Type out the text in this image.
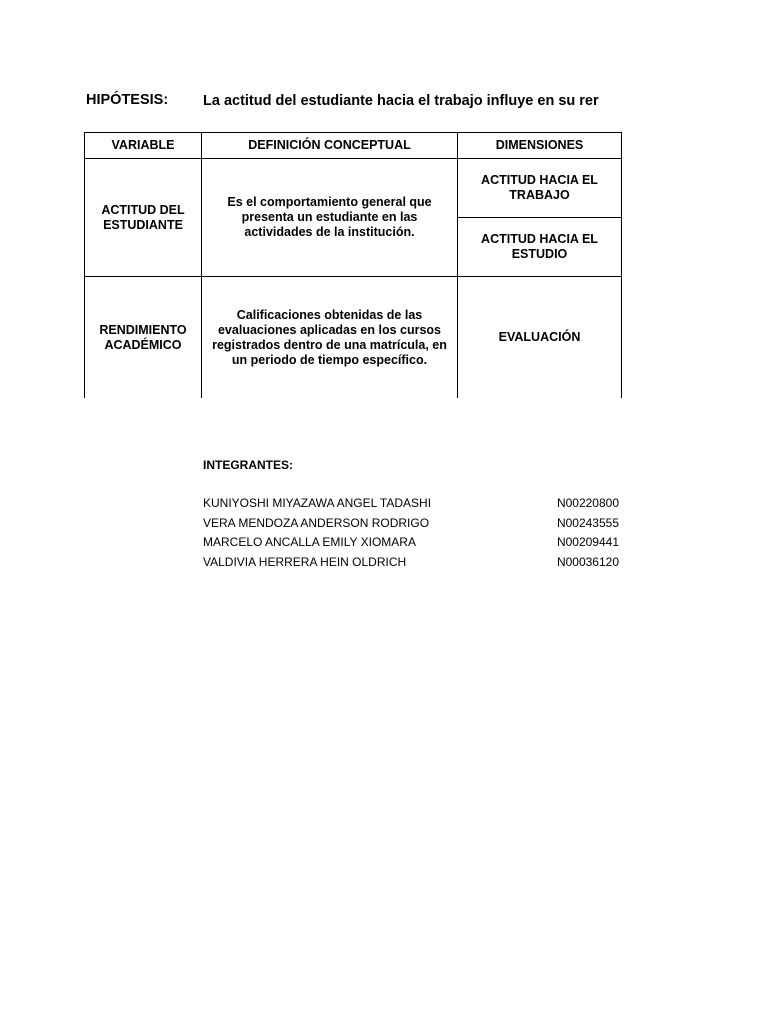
HIPÓTESIS: La actitud del estudiante hacia el trabajo influye en su rer
VARIABLE	DEFINICIÓN CONCEPTUAL	DIMENSIONES
ACTITUD DEL ESTUDIANTE	Es el comportamiento general que presenta un estudiante en las actividades de la institución.	ACTITUD HACIA EL TRABAJO
		ACTITUD HACIA EL ESTUDIO
RENDIMIENTO ACADÉMICO	Calificaciones obtenidas de las evaluaciones aplicadas en los cursos registrados dentro de una matrícula, en un periodo de tiempo específico.	EVALUACIÓN
INTEGRANTES:
KUNIYOSHI MIYAZAWA ANGEL TADASHI	N00220800
VERA MENDOZA ANDERSON RODRIGO	N00243555
MARCELO ANCALLA EMILY XIOMARA	N00209441
VALDIVIA HERRERA HEIN OLDRICH	N00036120
